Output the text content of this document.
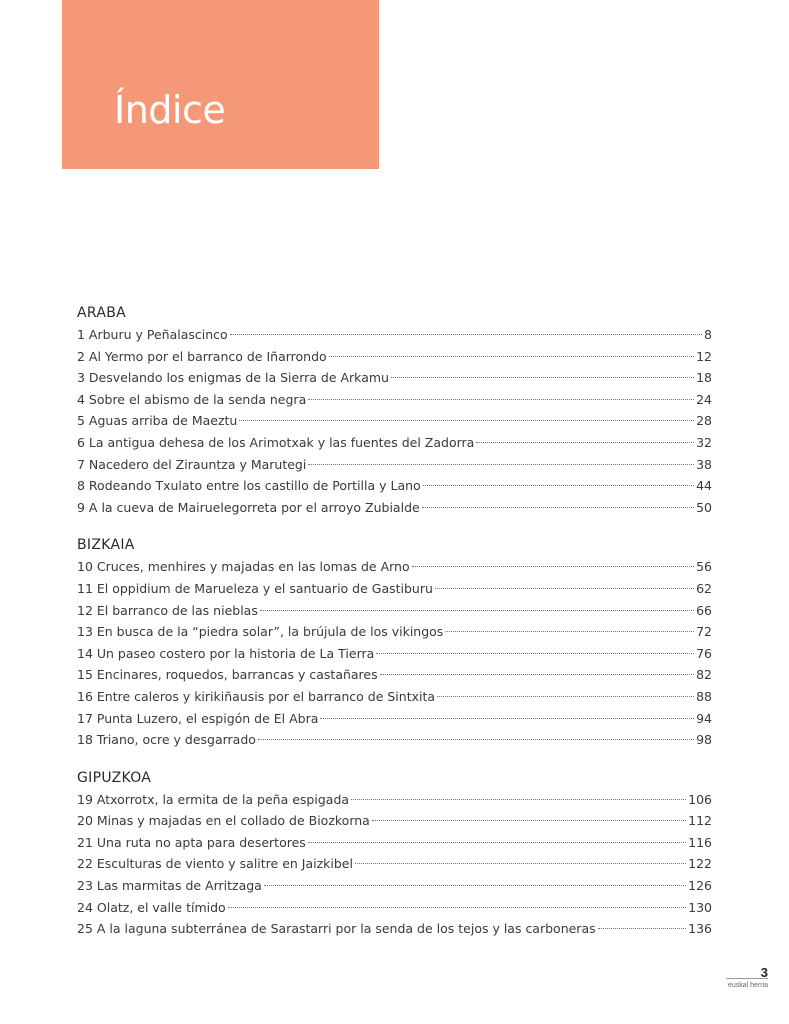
Índice
ARABA
1 Arburu y Peñalascinco	8
2 Al Yermo por el barranco de Iñarrondo	12
3 Desvelando los enigmas de la Sierra de Arkamu	18
4 Sobre el abismo de la senda negra	24
5 Aguas arriba de Maeztu	28
6 La antigua dehesa de los Arimotxak y las fuentes del Zadorra	32
7 Nacedero del Zirauntza y Marutegi	38
8 Rodeando Txulato entre los castillo de Portilla y Lano	44
9 A la cueva de Mairuelegorreta por el arroyo Zubialde	50
BIZKAIA
10 Cruces, menhires y majadas en las lomas de Arno	56
11 El oppidium de Marueleza y el santuario de Gastiburu	62
12 El barranco de las nieblas	66
13 En busca de la “piedra solar”, la brújula de los vikingos	72
14 Un paseo costero por la historia de La Tierra	76
15 Encinares, roquedos, barrancas y castañares	82
16 Entre caleros y kirikiñausis por el barranco de Sintxita	88
17 Punta Luzero, el espigón de El Abra	94
18 Triano, ocre y desgarrado	98
GIPUZKOA
19 Atxorrotx, la ermita de la peña espigada	106
20 Minas y majadas en el collado de Biozkorna	112
21 Una ruta no apta para desertores	116
22 Esculturas de viento y salitre en Jaizkibel	122
23 Las marmitas de Arritzaga	126
24 Olatz, el valle tímido	130
25 A la laguna subterránea de Sarastarri por la senda de los tejos y las carboneras	136
3
euskal herria
